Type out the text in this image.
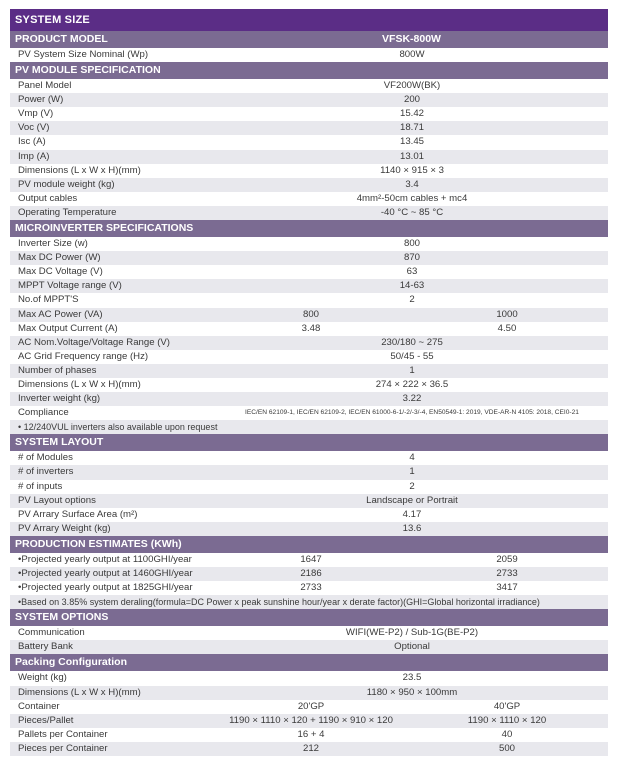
SYSTEM SIZE
PRODUCT MODEL	VFSK-800W
PV System Size Nominal (Wp)	800W
PV MODULE SPECIFICATION
Panel Model	VF200W(BK)
Power (W)	200
Vmp (V)	15.42
Voc (V)	18.71
Isc (A)	13.45
Imp (A)	13.01
Dimensions (L x W x H)(mm)	1140 × 915 × 3
PV module weight (kg)	3.4
Output cables	4mm²-50cm cables + mc4
Operating Temperature	-40 °C ~ 85 °C
MICROINVERTER SPECIFICATIONS
Inverter Size (w)	800
Max DC Power (W)	870
Max DC Voltage (V)	63
MPPT Voltage range (V)	14-63
No.of MPPT'S	2
Max AC Power (VA)	800	1000
Max Output Current (A)	3.48	4.50
AC Nom.Voltage/Voltage Range (V)	230/180 ~ 275
AC Grid Frequency range (Hz)	50/45 - 55
Number of phases	1
Dimensions (L x W x H)(mm)	274 × 222 × 36.5
Inverter weight (kg)	3.22
Compliance	IEC/EN 62109-1, IEC/EN 62109-2, IEC/EN 61000-6-1/-2/-3/-4, EN50549-1: 2019, VDE-AR-N 4105: 2018, CEI0-21
• 12/240VUL inverters also available upon request
SYSTEM LAYOUT
# of Modules	4
# of inverters	1
# of inputs	2
PV Layout options	Landscape or Portrait
PV Arrary Surface Area (m²)	4.17
PV Arrary Weight (kg)	13.6
PRODUCTION ESTIMATES (KWh)
•Projected yearly output at 1100GHI/year	1647	2059
•Projected yearly output at 1460GHI/year	2186	2733
•Projected yearly output at 1825GHI/year	2733	3417
•Based on 3.85% system deraling(formula=DC Power x peak sunshine hour/year x derate factor)(GHI=Global horizontal irradiance)
SYSTEM OPTIONS
Communication	WIFI(WE-P2) / Sub-1G(BE-P2)
Battery Bank	Optional
Packing Configuration
Weight (kg)	23.5
Dimensions (L x W x H)(mm)	1180 × 950 × 100mm
Container	20'GP	40'GP
Pieces/Pallet	1190 × 1110 × 120 + 1190 × 910 × 120	1190 × 1110 × 120
Pallets per Container	16 + 4	40
Pieces per Container	212	500
